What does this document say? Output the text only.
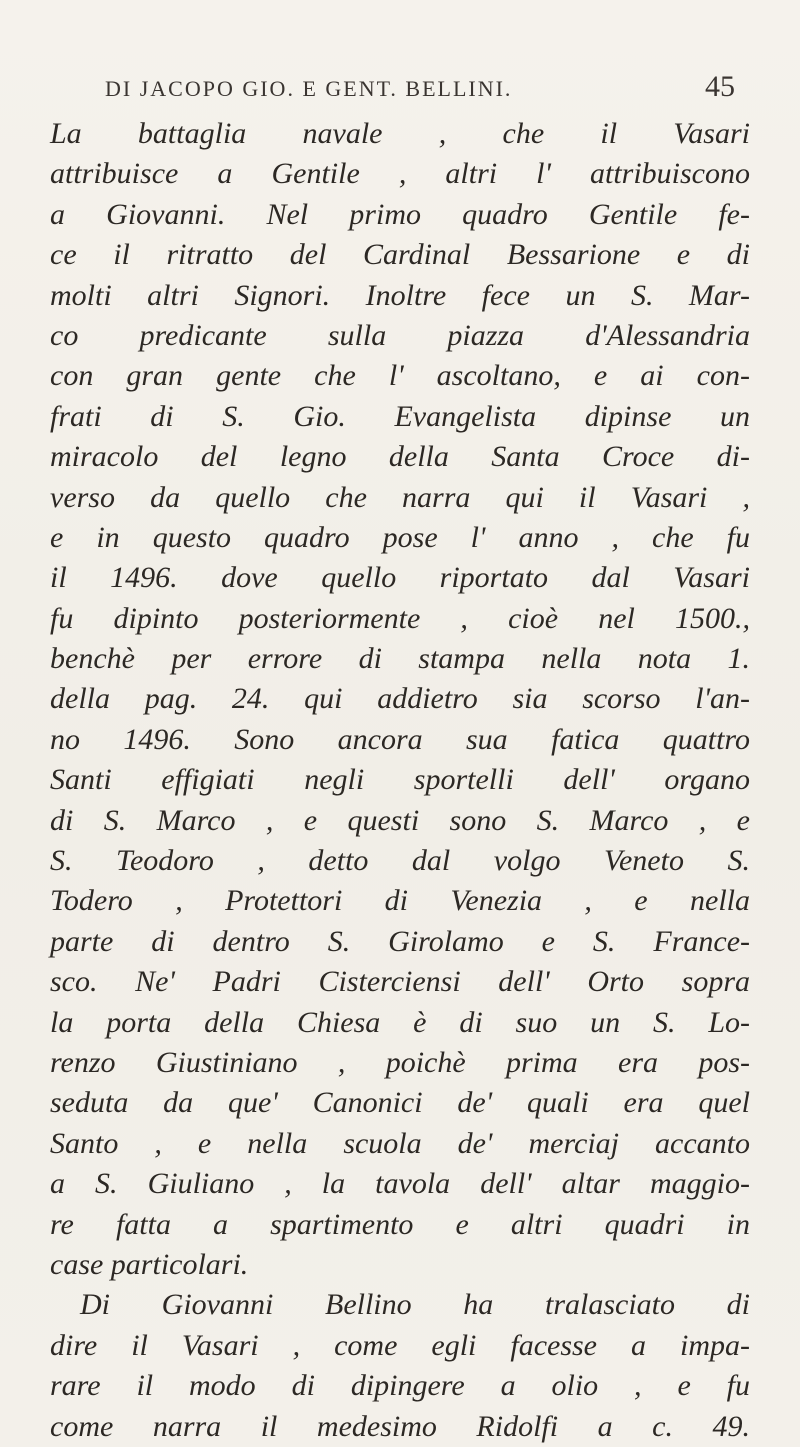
DI JACOPO GIO. E GENT. BELLINI.	45
La battaglia navale , che il Vasari
attribuisce a Gentile , altri l' attribuiscono
a Giovanni. Nel primo quadro Gentile fe-
ce il ritratto del Cardinal Bessarione e di
molti altri Signori. Inoltre fece un S. Mar-
co predicante sulla piazza d'Alessandria
con gran gente che l' ascoltano, e ai con-
frati di S. Gio. Evangelista dipinse un
miracolo del legno della Santa Croce di-
verso da quello che narra qui il Vasari ,
e in questo quadro pose l' anno , che fu
il 1496. dove quello riportato dal Vasari
fu dipinto posteriormente , cioè nel 1500.,
benchè per errore di stampa nella nota 1.
della pag. 24. qui addietro sia scorso l'an-
no 1496. Sono ancora sua fatica quattro
Santi effigiati negli sportelli dell' organo
di S. Marco , e questi sono S. Marco , e
S. Teodoro , detto dal volgo Veneto S.
Todero , Protettori di Venezia , e nella
parte di dentro S. Girolamo e S. France-
sco. Ne' Padri Cisterciensi dell' Orto sopra
la porta della Chiesa è di suo un S. Lo-
renzo Giustiniano , poichè prima era pos-
seduta da que' Canonici de' quali era quel
Santo , e nella scuola de' merciaj accanto
a S. Giuliano , la tavola dell' altar maggio-
re fatta a spartimento e altri quadri in
case particolari.
Di Giovanni Bellino ha tralasciato di
dire il Vasari , come egli facesse a impa-
rare il modo di dipingere a olio , e fu
come narra il medesimo Ridolfi a c. 49.
